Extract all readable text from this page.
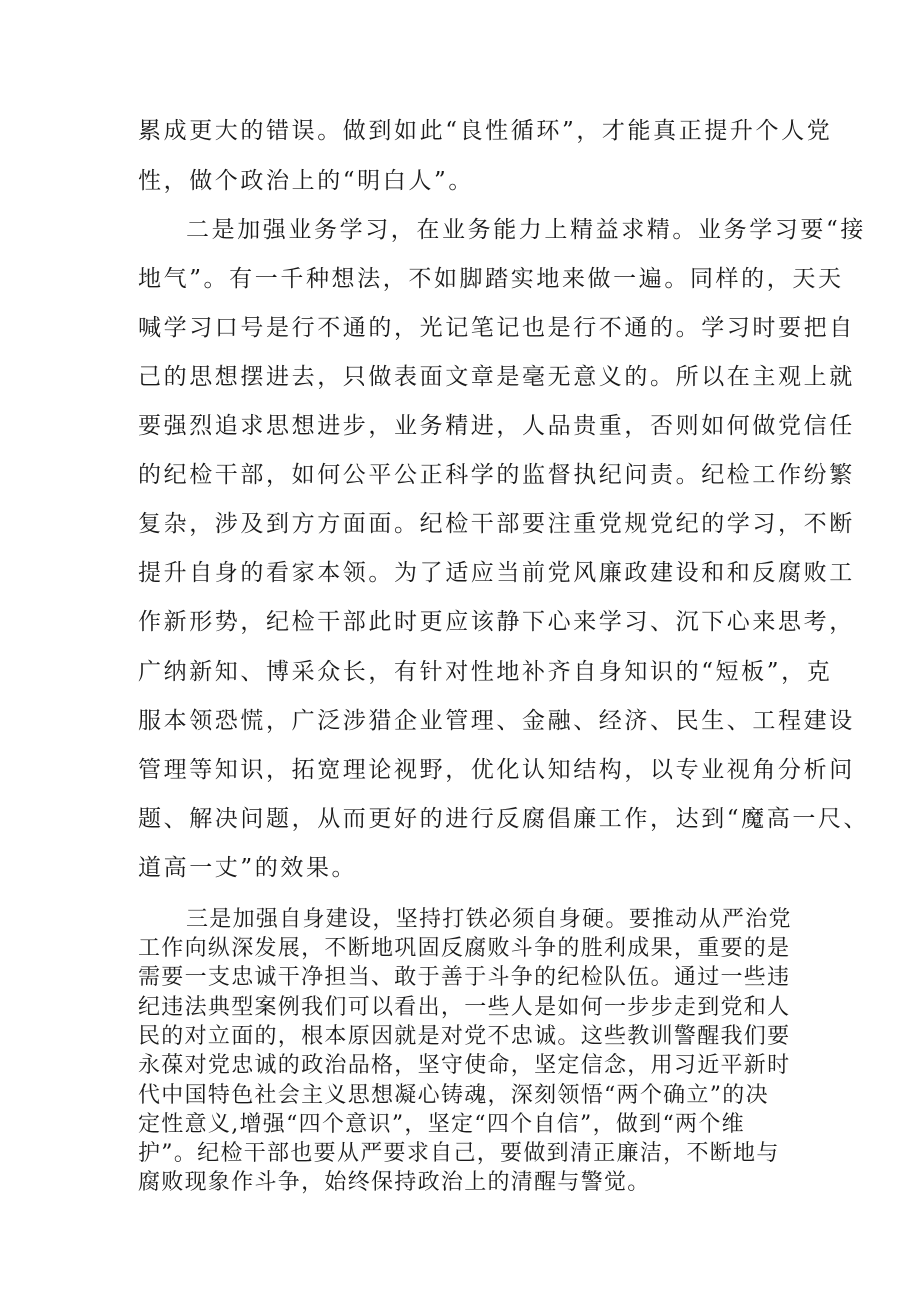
累成更大的错误。做到如此“良性循环”，才能真正提升个人党

性，做个政治上的“明白人”。

二是加强业务学习，在业务能力上精益求精。业务学习要“接

地气”。有一千种想法，不如脚踏实地来做一遍。同样的，天天

喊学习口号是行不通的，光记笔记也是行不通的。学习时要把自

己的思想摆进去，只做表面文章是毫无意义的。所以在主观上就

要强烈追求思想进步，业务精进，人品贵重，否则如何做党信任

的纪检干部，如何公平公正科学的监督执纪问责。纪检工作纷繁

复杂，涉及到方方面面。纪检干部要注重党规党纪的学习，不断

提升自身的看家本领。为了适应当前党风廉政建设和和反腐败工

作新形势，纪检干部此时更应该静下心来学习、沉下心来思考，

广纳新知、博采众长，有针对性地补齐自身知识的“短板”，克

服本领恐慌，广泛涉猎企业管理、金融、经济、民生、工程建设

管理等知识，拓宽理论视野，优化认知结构，以专业视角分析问

题、解决问题，从而更好的进行反腐倡廉工作，达到“魔高一尺、

道高一丈”的效果。

三是加强自身建设，坚持打铁必须自身硬。要推动从严治党

工作向纵深发展，不断地巩固反腐败斗争的胜利成果，重要的是

需要一支忠诚干净担当、敢于善于斗争的纪检队伍。通过一些违

纪违法典型案例我们可以看出，一些人是如何一步步走到党和人

民的对立面的，根本原因就是对党不忠诚。这些教训警醒我们要

永葆对党忠诚的政治品格，坚守使命，坚定信念，用习近平新时

代中国特色社会主义思想凝心铸魂，深刻领悟“两个确立”的决

定性意义,增强“四个意识”，坚定“四个自信”，做到“两个维

护”。纪检干部也要从严要求自己，要做到清正廉洁，不断地与

腐败现象作斗争，始终保持政治上的清醒与警觉。
